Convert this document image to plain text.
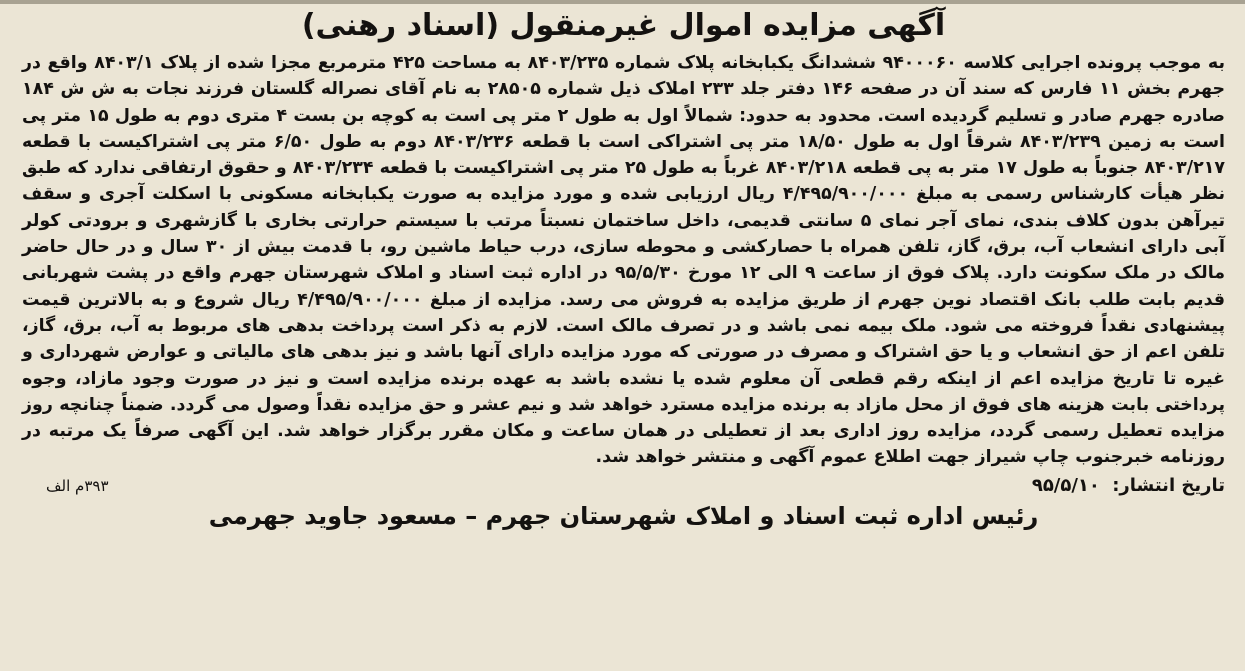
آگهی مزایده اموال غیرمنقول (اسناد رهنی)

به موجب پرونده اجرایی کلاسه ۹۴۰۰۰۶۰ ششدانگ یکبابخانه پلاک شماره ۸۴۰۳/۲۳۵ به مساحت ۴۲۵ مترمربع مجزا شده از پلاک ۸۴۰۳/۱ واقع در جهرم بخش ۱۱ فارس که سند آن در صفحه ۱۴۶ دفتر جلد ۲۳۳ املاک ذیل شماره ۲۸۵۰۵ به نام آقای نصراله گلستان فرزند نجات به ش ش ۱۸۴ صادره جهرم صادر و تسلیم گردیده است. محدود به حدود: شمالاً اول به طول ۲ متر پی است به کوچه بن بست ۴ متری دوم به طول ۱۵ متر پی است به زمین ۸۴۰۳/۲۳۹ شرقاً اول به طول ۱۸/۵۰ متر پی اشتراکی است با قطعه ۸۴۰۳/۲۳۶ دوم به طول ۶/۵۰ متر پی اشتراکیست با قطعه ۸۴۰۳/۲۱۷ جنوباً به طول ۱۷ متر به پی قطعه ۸۴۰۳/۲۱۸ غرباً به طول ۲۵ متر پی اشتراکیست با قطعه ۸۴۰۳/۲۳۴ و حقوق ارتفاقی ندارد که طبق نظر هیأت کارشناس رسمی به مبلغ ۴/۴۹۵/۹۰۰/۰۰۰ ریال ارزیابی شده و مورد مزایده به صورت یکبابخانه مسکونی با اسکلت آجری و سقف تیرآهن بدون کلاف بندی، نمای آجر نمای ۵ سانتی قدیمی، داخل ساختمان نسبتاً مرتب با سیستم حرارتی بخاری با گازشهری و برودتی کولر آبی دارای انشعاب آب، برق، گاز، تلفن همراه با حصارکشی و محوطه سازی، درب حیاط ماشین رو، با قدمت بیش از ۳۰ سال و در حال حاضر مالک در ملک سکونت دارد. پلاک فوق از ساعت ۹ الی ۱۲ مورخ ۹۵/۵/۳۰ در اداره ثبت اسناد و املاک شهرستان جهرم واقع در پشت شهربانی قدیم بابت طلب بانک اقتصاد نوین جهرم از طریق مزایده به فروش می رسد. مزایده از مبلغ ۴/۴۹۵/۹۰۰/۰۰۰ ریال شروع و به بالاترین قیمت پیشنهادی نقداً فروخته می شود. ملک بیمه نمی باشد و در تصرف مالک است. لازم به ذکر است پرداخت بدهی های مربوط به آب، برق، گاز، تلفن اعم از حق انشعاب و یا حق اشتراک و مصرف در صورتی که مورد مزایده دارای آنها باشد و نیز بدهی های مالیاتی و عوارض شهرداری و غیره تا تاریخ مزایده اعم از اینکه رقم قطعی آن معلوم شده یا نشده باشد به عهده برنده مزایده است و نیز در صورت وجود مازاد، وجوه پرداختی بابت هزینه های فوق از محل مازاد به برنده مزایده مسترد خواهد شد و نیم عشر و حق مزایده نقداً وصول می گردد. ضمناً چنانچه روز مزایده تعطیل رسمی گردد، مزایده روز اداری بعد از تعطیلی در همان ساعت و مکان مقرر برگزار خواهد شد. این آگهی صرفاً یک مرتبه در روزنامه خبرجنوب چاپ شیراز جهت اطلاع عموم آگهی و منتشر خواهد شد.

تاریخ انتشار: ۹۵/۵/۱۰
۳۹۳م الف
رئیس اداره ثبت اسناد و املاک شهرستان جهرم – مسعود جاوید جهرمی
